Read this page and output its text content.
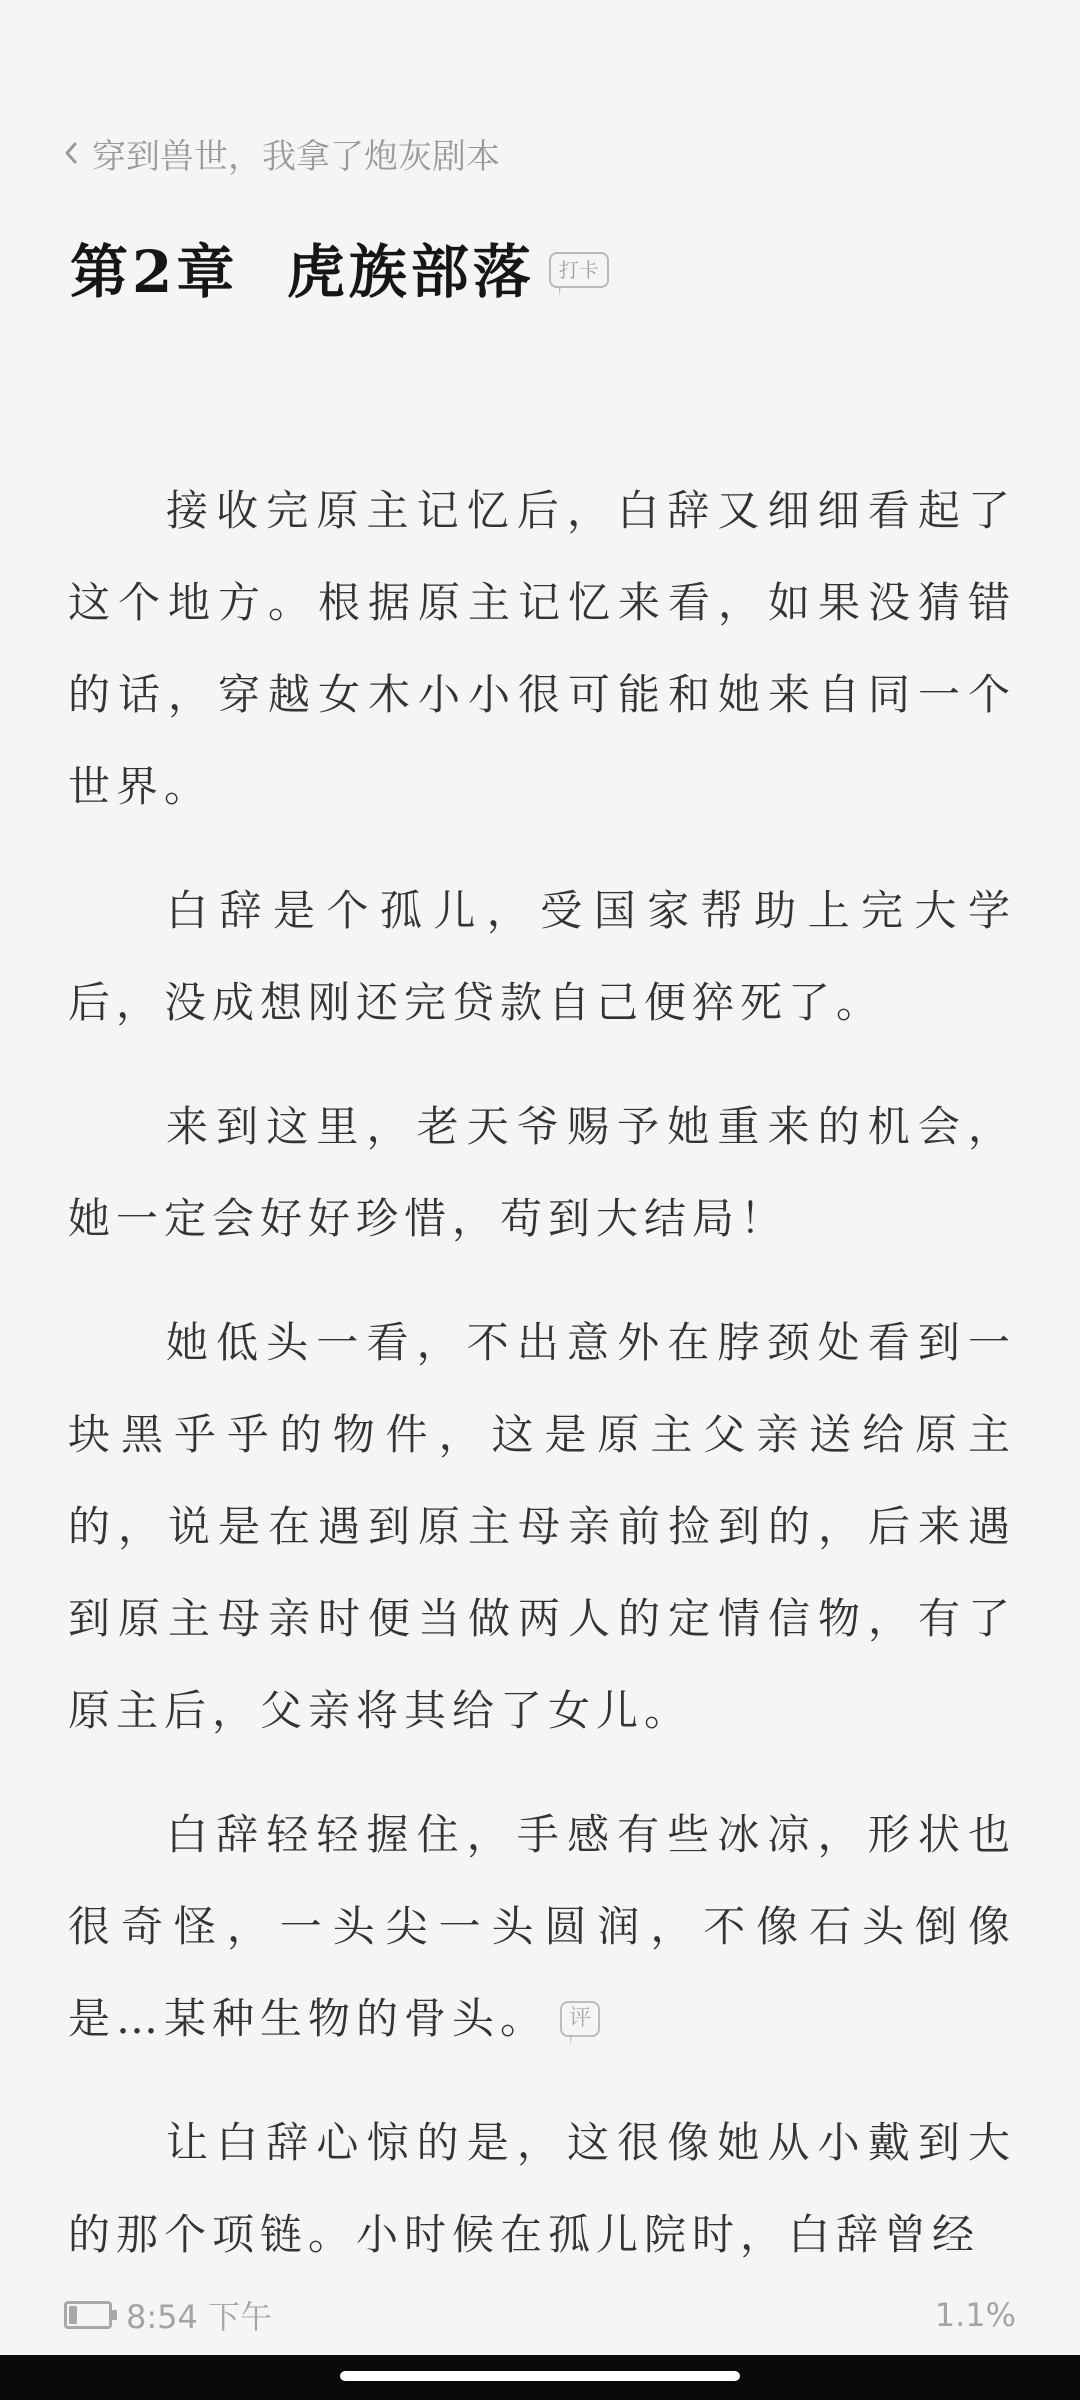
穿到兽世，我拿了炮灰剧本
第2章  虎族部落	打卡

接收完原主记忆后，白辞又细细看起了这个地方。根据原主记忆来看，如果没猜错的话，穿越女木小小很可能和她来自同一个世界。

白辞是个孤儿，受国家帮助上完大学后，没成想刚还完贷款自己便猝死了。

来到这里，老天爷赐予她重来的机会，她一定会好好珍惜，苟到大结局！

她低头一看，不出意外在脖颈处看到一块黑乎乎的物件，这是原主父亲送给原主的，说是在遇到原主母亲前捡到的，后来遇到原主母亲时便当做两人的定情信物，有了原主后，父亲将其给了女儿。

白辞轻轻握住，手感有些冰凉，形状也很奇怪，一头尖一头圆润，不像石头倒像是…某种生物的骨头。 评

让白辞心惊的是，这很像她从小戴到大的那个项链。小时候在孤儿院时，白辞曾经

8:54 下午	1.1%
